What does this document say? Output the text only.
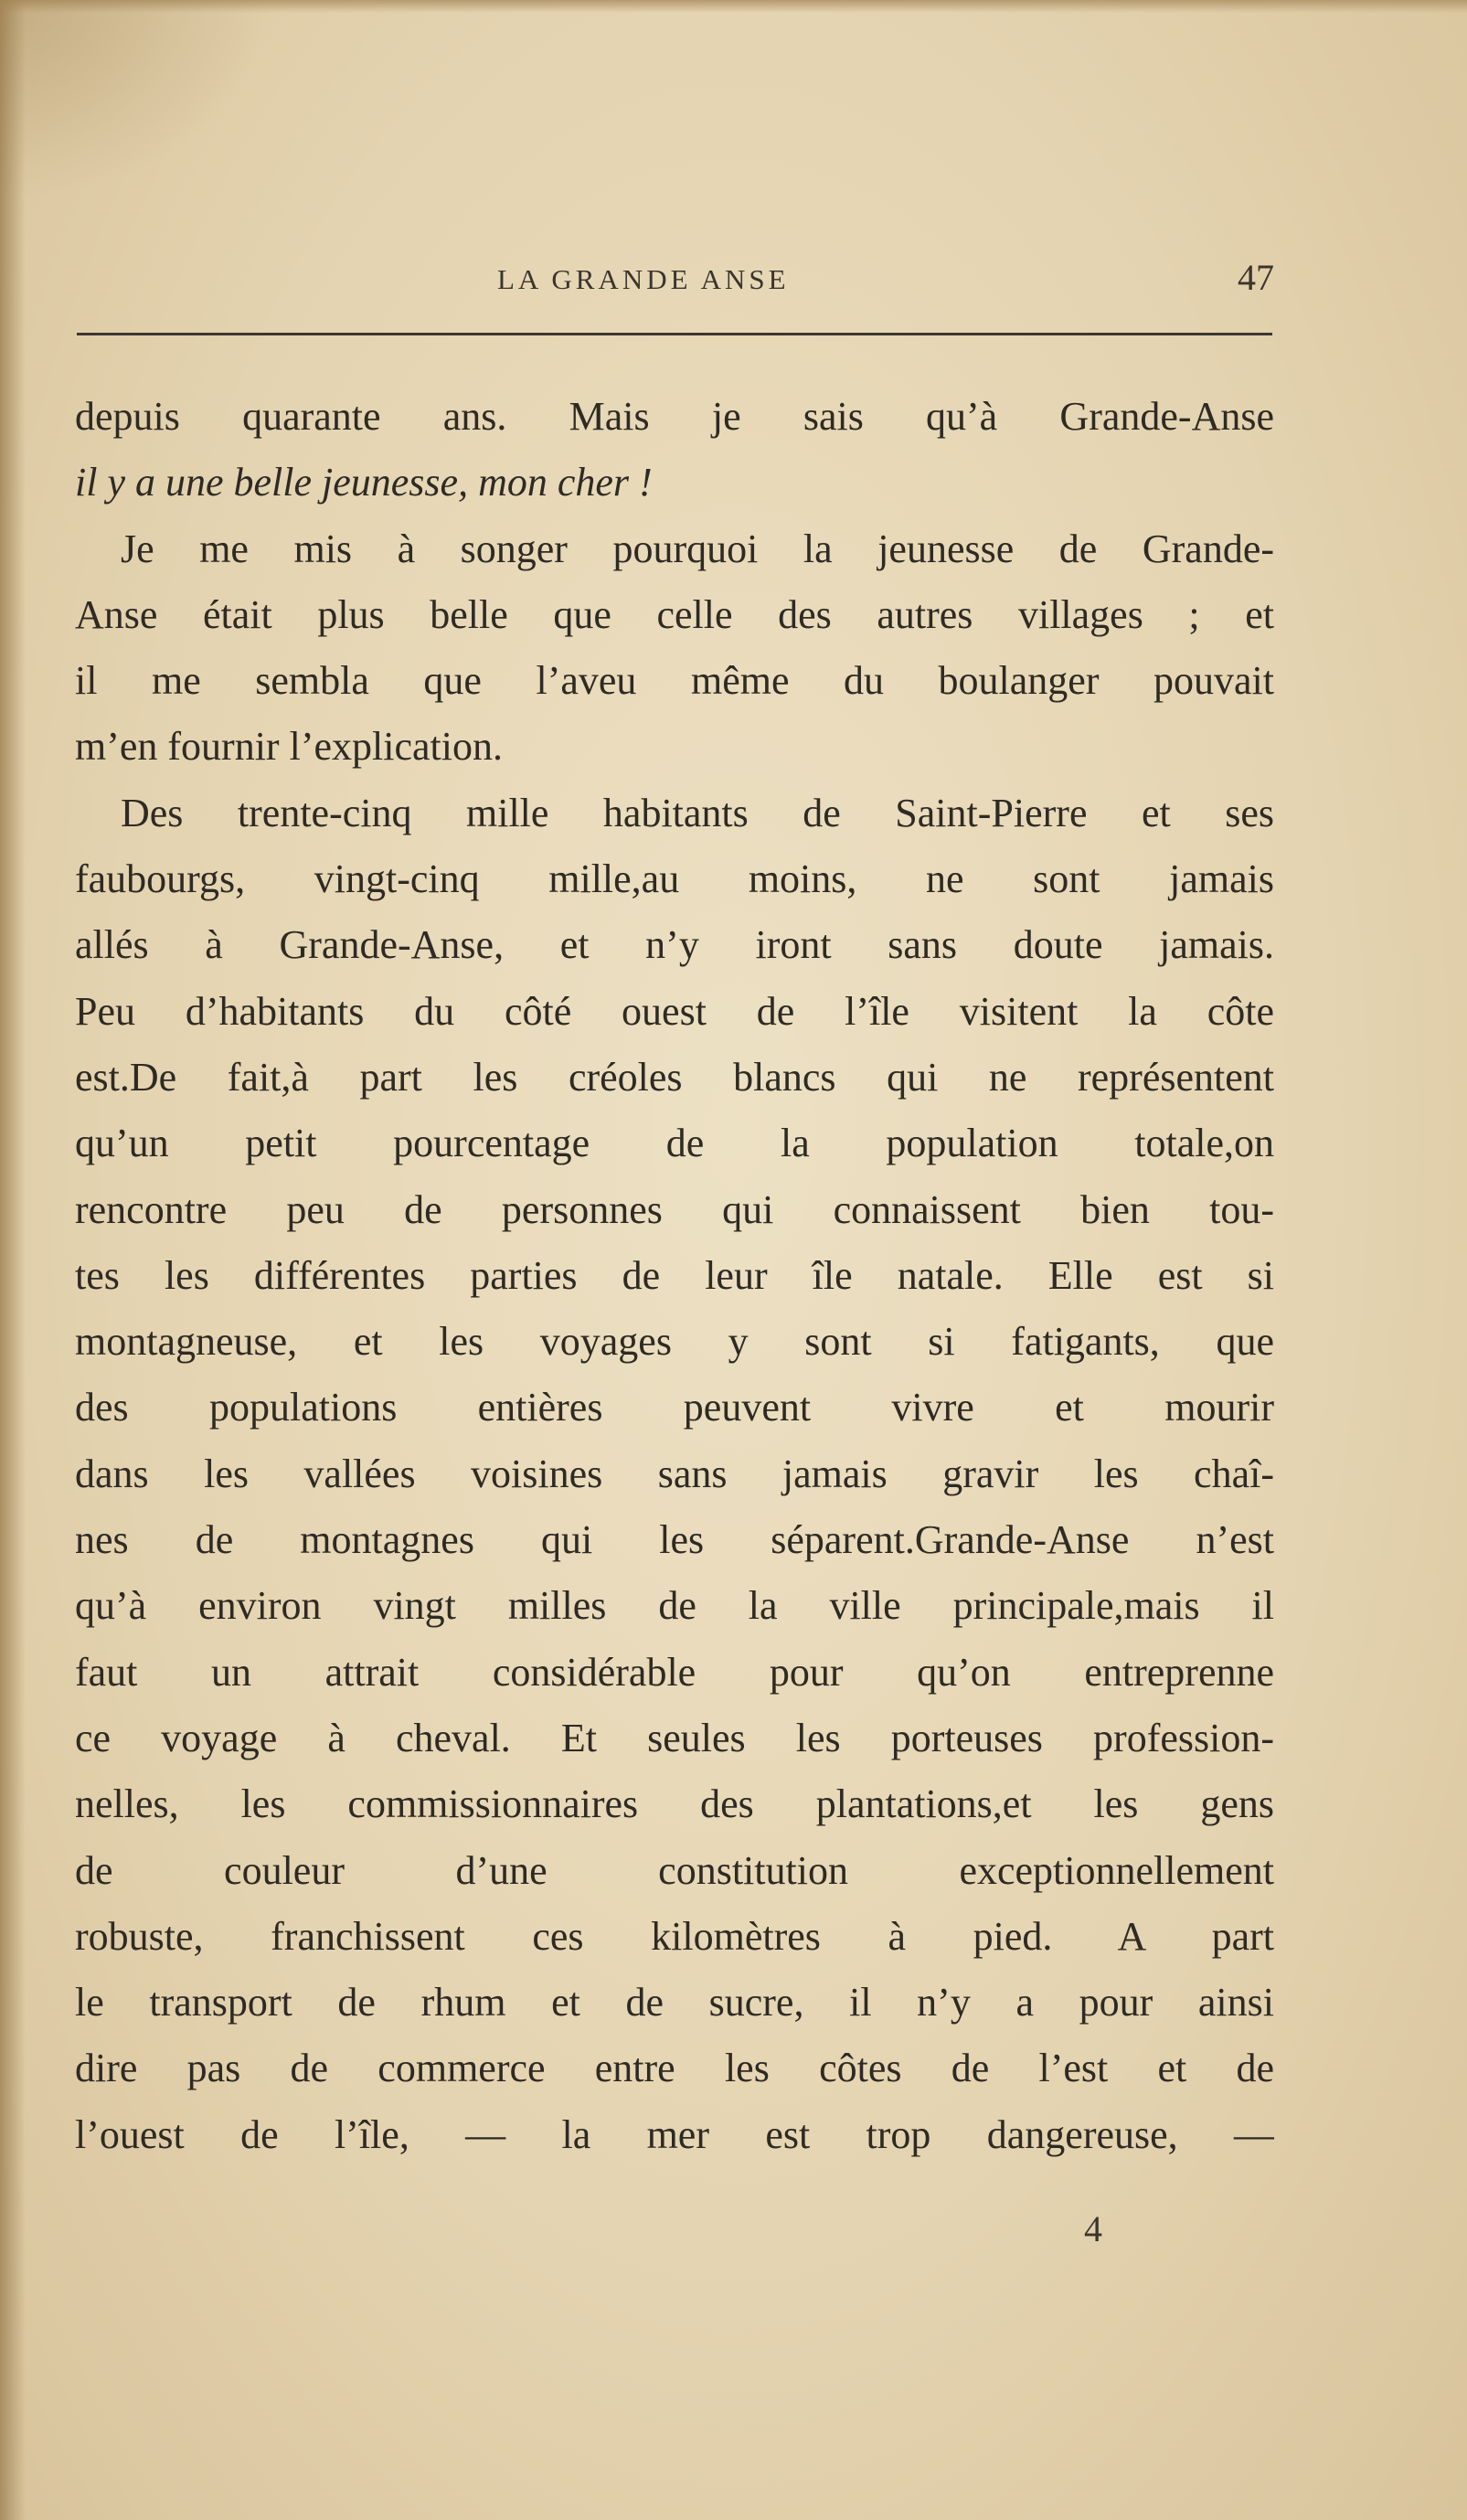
LA GRANDE ANSE	47
depuis quarante ans. Mais je sais qu’à Grande-Anse
il y a une belle jeunesse, mon cher !
Je me mis à songer pourquoi la jeunesse de Grande-
Anse était plus belle que celle des autres villages ; et
il me sembla que l’aveu même du boulanger pouvait
m’en fournir l’explication.
Des trente-cinq mille habitants de Saint-Pierre et ses
faubourgs, vingt-cinq mille,au moins, ne sont jamais
allés à Grande-Anse, et n’y iront sans doute jamais.
Peu d’habitants du côté ouest de l’île visitent la côte
est.De fait,à part les créoles blancs qui ne représentent
qu’un petit pourcentage de la population totale,on
rencontre peu de personnes qui connaissent bien tou-
tes les différentes parties de leur île natale. Elle est si
montagneuse, et les voyages y sont si fatigants, que
des populations entières peuvent vivre et mourir
dans les vallées voisines sans jamais gravir les chaî-
nes de montagnes qui les séparent.Grande-Anse n’est
qu’à environ vingt milles de la ville principale,mais il
faut un attrait considérable pour qu’on entreprenne
ce voyage à cheval. Et seules les porteuses profession-
nelles, les commissionnaires des plantations,et les gens
de couleur d’une constitution exceptionnellement
robuste, franchissent ces kilomètres à pied. A part
le transport de rhum et de sucre, il n’y a pour ainsi
dire pas de commerce entre les côtes de l’est et de
l’ouest de l’île, — la mer est trop dangereuse, —
4
